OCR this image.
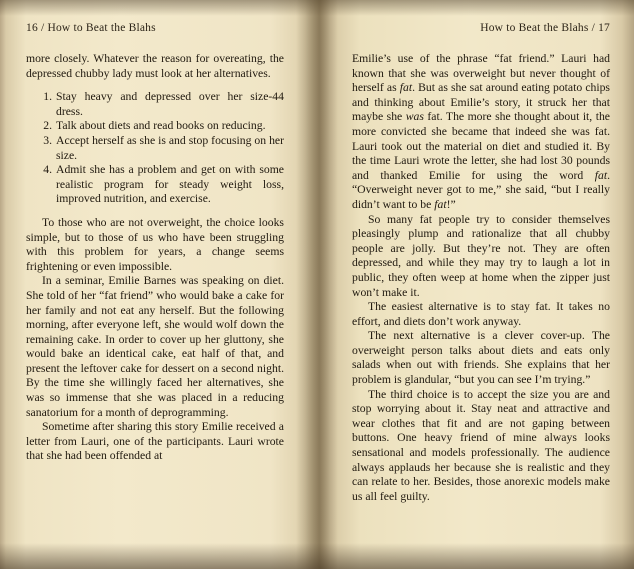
16 / How to Beat the Blahs

more closely. Whatever the reason for overeating, the depressed chubby lady must look at her alternatives.

Stay heavy and depressed over her size-44 dress.
Talk about diets and read books on reducing.
Accept herself as she is and stop focusing on her size.
Admit she has a problem and get on with some realistic program for steady weight loss, improved nutrition, and exercise.

To those who are not overweight, the choice looks simple, but to those of us who have been struggling with this problem for years, a change seems frightening or even impossible.

In a seminar, Emilie Barnes was speaking on diet. She told of her “fat friend” who would bake a cake for her family and not eat any herself. But the following morning, after everyone left, she would wolf down the remaining cake. In order to cover up her gluttony, she would bake an identical cake, eat half of that, and present the leftover cake for dessert on a second night. By the time she willingly faced her alternatives, she was so immense that she was placed in a reducing sanatorium for a month of deprogramming.

Sometime after sharing this story Emilie received a letter from Lauri, one of the participants. Lauri wrote that she had been offended at

How to Beat the Blahs / 17

Emilie’s use of the phrase “fat friend.” Lauri had known that she was overweight but never thought of herself as fat. But as she sat around eating potato chips and thinking about Emilie’s story, it struck her that maybe she was fat. The more she thought about it, the more convicted she became that indeed she was fat. Lauri took out the material on diet and studied it. By the time Lauri wrote the letter, she had lost 30 pounds and thanked Emilie for using the word fat. “Overweight never got to me,” she said, “but I really didn’t want to be fat!”

So many fat people try to consider themselves pleasingly plump and rationalize that all chubby people are jolly. But they’re not. They are often depressed, and while they may try to laugh a lot in public, they often weep at home when the zipper just won’t make it.

The easiest alternative is to stay fat. It takes no effort, and diets don’t work anyway.

The next alternative is a clever cover-up. The overweight person talks about diets and eats only salads when out with friends. She explains that her problem is glandular, “but you can see I’m trying.”

The third choice is to accept the size you are and stop worrying about it. Stay neat and attractive and wear clothes that fit and are not gaping between buttons. One heavy friend of mine always looks sensational and models professionally. The audience always applauds her because she is realistic and they can relate to her. Besides, those anorexic models make us all feel guilty.
